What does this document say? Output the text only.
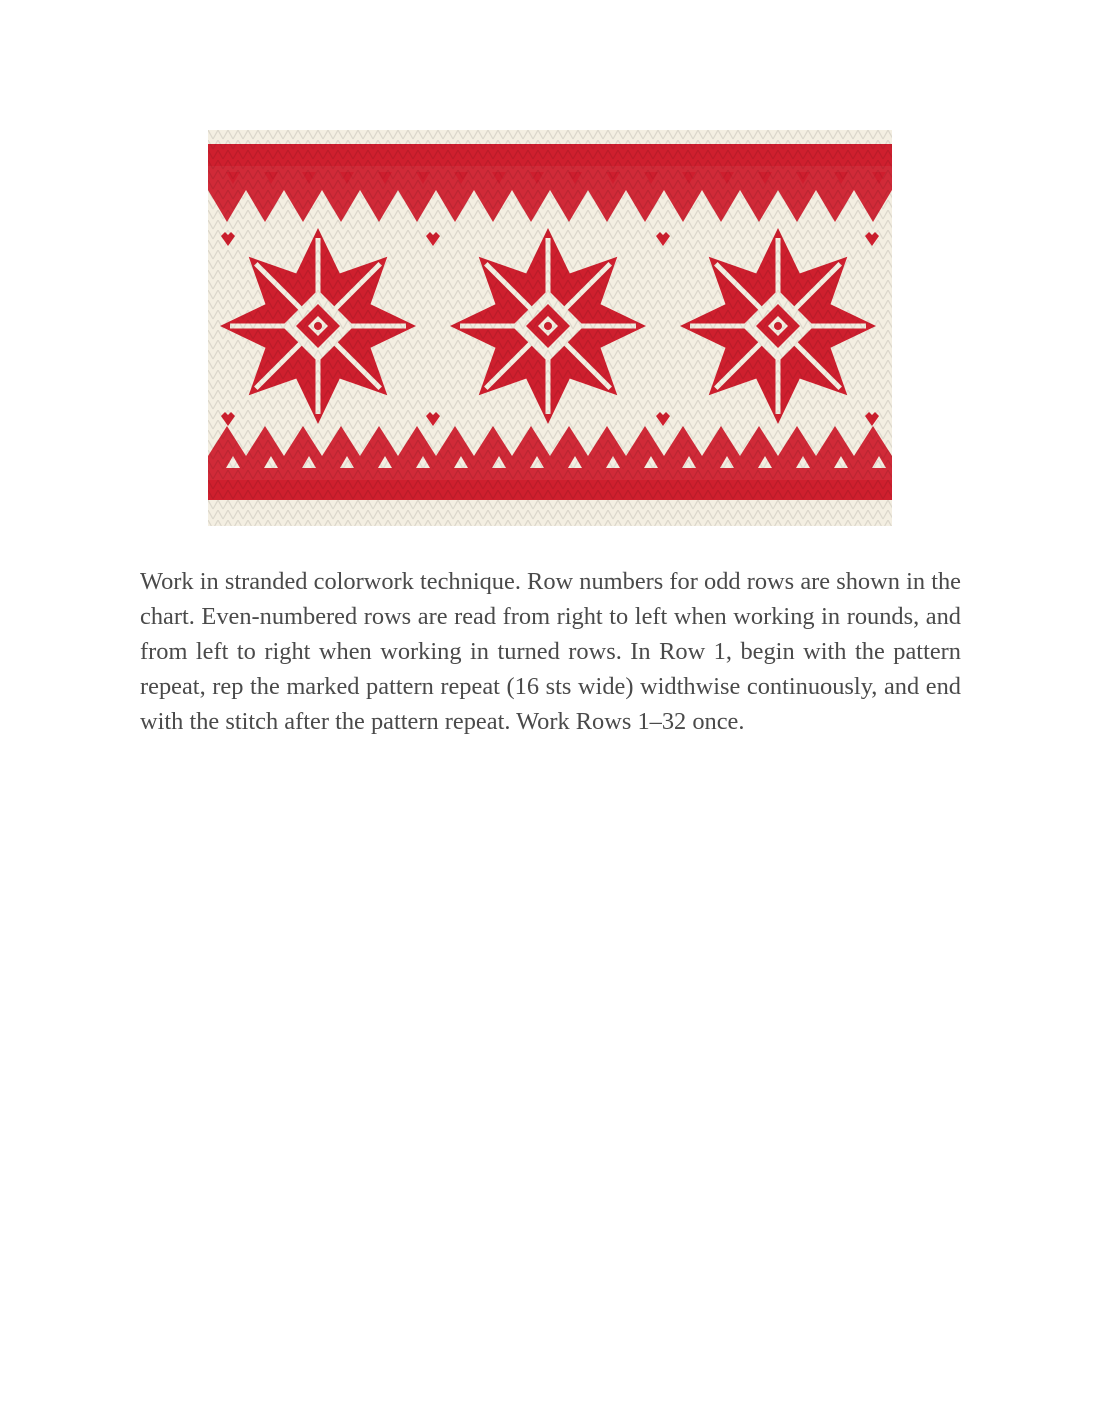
Work in stranded colorwork technique. Row numbers for odd rows are shown in the chart. Even-numbered rows are read from right to left when working in rounds, and from left to right when working in turned rows. In Row 1, begin with the pattern repeat, rep the marked pattern repeat (16 sts wide) widthwise continuously, and end with the stitch after the pattern repeat. Work Rows 1–32 once.
